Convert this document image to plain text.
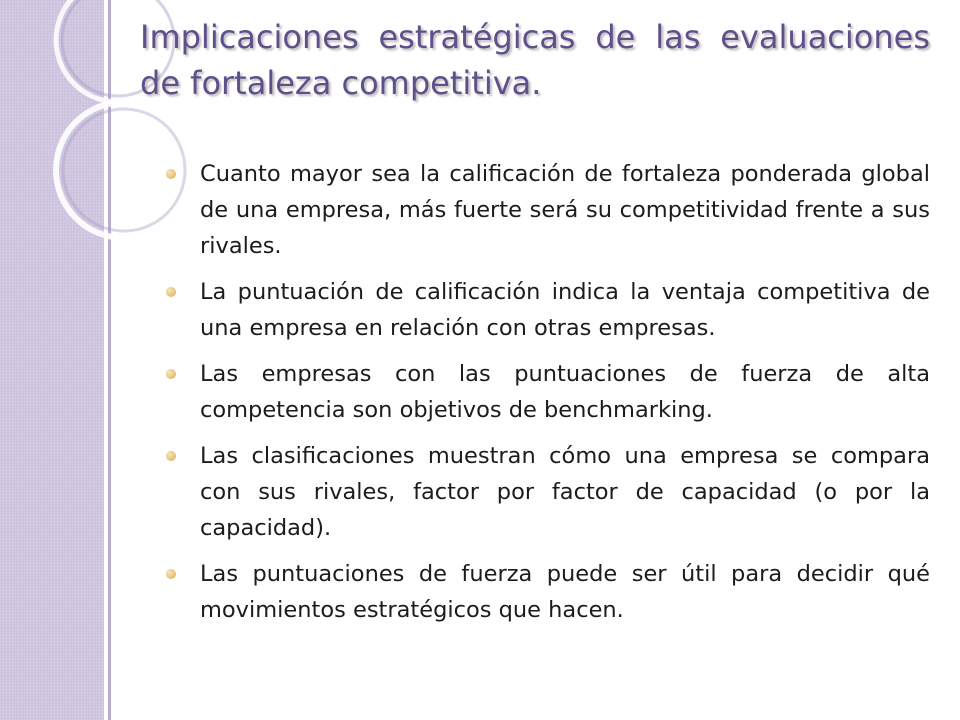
Implicaciones estratégicas de las evaluaciones de fortaleza competitiva.
Cuanto mayor sea la calificación de fortaleza ponderada global de una empresa, más fuerte será su competitividad frente a sus rivales.
La puntuación de calificación indica la ventaja competitiva de una empresa en relación con otras empresas.
Las empresas con las puntuaciones de fuerza de alta competencia son objetivos de benchmarking.
Las clasificaciones muestran cómo una empresa se compara con sus rivales, factor por factor de capacidad (o por la capacidad).
Las puntuaciones de fuerza puede ser útil para decidir qué movimientos estratégicos que hacen.
